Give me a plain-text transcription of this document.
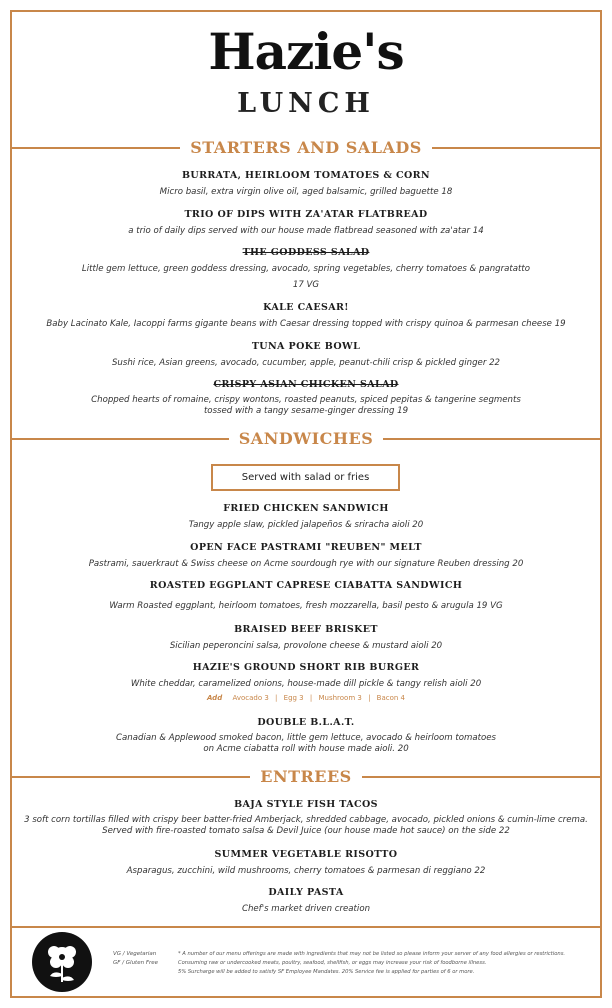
Hazie's
LUNCH
STARTERS AND SALADS
BURRATA, HEIRLOOM TOMATOES & CORN
Micro basil, extra virgin olive oil, aged balsamic, grilled baguette 18
TRIO OF DIPS WITH ZA'ATAR FLATBREAD
a trio of daily dips served with our house made flatbread seasoned with za'atar 14
THE GODDESS SALAD
Little gem lettuce, green goddess dressing, avocado, spring vegetables, cherry tomatoes & pangratatto
17 VG
KALE CAESAR!
Baby Lacinato Kale, Iacoppi farms gigante beans with Caesar dressing topped with crispy quinoa & parmesan cheese 19
TUNA POKE BOWL
Sushi rice, Asian greens, avocado, cucumber, apple, peanut-chili crisp & pickled ginger 22
CRISPY ASIAN CHICKEN SALAD
Chopped hearts of romaine, crispy wontons, roasted peanuts, spiced pepitas & tangerine segments
tossed with a tangy sesame-ginger dressing 19
SANDWICHES
Served with salad or fries
FRIED CHICKEN SANDWICH
Tangy apple slaw, pickled jalapeños & sriracha aioli 20
OPEN FACE PASTRAMI "REUBEN" MELT
Pastrami, sauerkraut & Swiss cheese on Acme sourdough rye with our signature Reuben dressing 20
ROASTED EGGPLANT CAPRESE CIABATTA SANDWICH
Warm Roasted eggplant, heirloom tomatoes, fresh mozzarella, basil pesto & arugula 19 VG
BRAISED BEEF BRISKET
Sicilian peperoncini salsa, provolone cheese & mustard aioli 20
HAZIE'S GROUND SHORT RIB BURGER
White cheddar, caramelized onions, house-made dill pickle & tangy relish aioli 20
Add Avocado 3 | Egg 3 | Mushroom 3 | Bacon 4
DOUBLE B.L.A.T.
Canadian & Applewood smoked bacon, little gem lettuce, avocado & heirloom tomatoes
on Acme ciabatta roll with house made aioli. 20
ENTREES
BAJA STYLE FISH TACOS
3 soft corn tortillas filled with crispy beer batter-fried Amberjack, shredded cabbage, avocado, pickled onions & cumin-lime crema.
Served with fire-roasted tomato salsa & Devil Juice (our house made hot sauce) on the side 22
SUMMER VEGETABLE RISOTTO
Asparagus, zucchini, wild mushrooms, cherry tomatoes & parmesan di reggiano 22
DAILY PASTA
Chef's market driven creation
VG / Vegetarian
GF / Gluten Free
* A number of our menu offerings are made with ingredients that may not be listed so please inform your server of any food allergies or restrictions.
Consuming raw or undercooked meats, poultry, seafood, shellfish, or eggs may increase your risk of foodborne illness.
5% Surcharge will be added to satisfy SF Employee Mandates. 20% Service fee is applied for parties of 6 or more.
